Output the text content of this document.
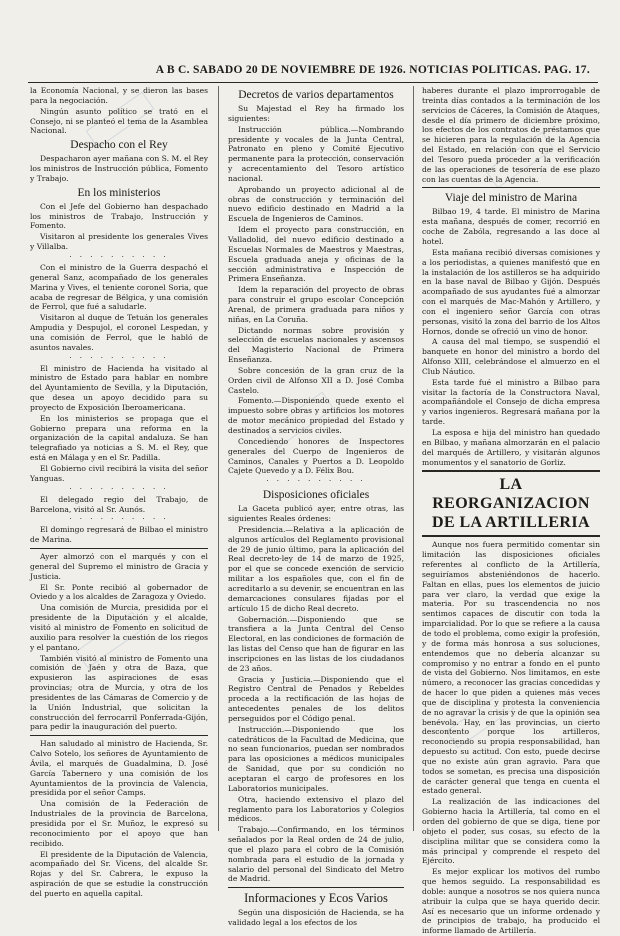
A B C. SABADO 20 DE NOVIEMBRE DE 1926. NOTICIAS POLITICAS. PAG. 17.

la Economía Nacional, y se dieron las bases para la negociación.

Ningún asunto político se trató en el Consejo, ni se planteó el tema de la Asamblea Nacional.

Despacho con el Rey

Despacharon ayer mañana con S. M. el Rey los ministros de Instrucción pública, Fomento y Trabajo.

En los ministerios

Con el Jefe del Gobierno han despachado los ministros de Trabajo, Instrucción y Fomento.

Visitaron al presidente los generales Vives y Villalba.

· · · · · · · · · ·

Con el ministro de la Guerra despachó el general Sanz, acompañado de los generales Marina y Vives, el teniente coronel Soria, que acaba de regresar de Bélgica, y una comisión de Ferrol, que fué a saludarle.

Visitaron al duque de Tetuán los generales Ampudia y Despujol, el coronel Lespedan, y una comisión de Ferrol, que le habló de asuntos navales.

· · · · · · · · · ·

El ministro de Hacienda ha visitado al ministro de Estado para hablar en nombre del Ayuntamiento de Sevilla, y la Diputación, que desea un apoyo decidido para su proyecto de Exposición Iberoamericana.

En los ministerios se propaga que el Gobierno prepara una reforma en la organización de la capital andaluza. Se han telegrafiado ya noticias a S. M. el Rey, que está en Málaga y en el Sr. Padilla.

El Gobierno civil recibirá la visita del señor Yanguas.

· · · · · · · · · ·

El delegado regio del Trabajo, de Barcelona, visitó al Sr. Aunós.

· · · · · · · · · ·

El domingo regresará de Bilbao el ministro de Marina.

Ayer almorzó con el marqués y con el general del Supremo el ministro de Gracia y Justicia.

El Sr. Ponte recibió al gobernador de Oviedo y a los alcaldes de Zaragoza y Oviedo.

Una comisión de Murcia, presidida por el presidente de la Diputación y el alcalde, visitó al ministro de Fomento en solicitud de auxilio para resolver la cuestión de los riegos y el pantano.

También visitó al ministro de Fomento una comisión de Jaén y otra de Baza, que expusieron las aspiraciones de esas provincias; otra de Murcia, y otra de los presidentes de las Cámaras de Comercio y de la Unión Industrial, que solicitan la construcción del ferrocarril Ponferrada-Gijón, para pedir la inauguración del puerto.

Han saludado al ministro de Hacienda, Sr. Calvo Sotelo, los señores de Ayuntamiento de Ávila, el marqués de Guadalmina, D. José García Tabernero y una comisión de los Ayuntamientos de la provincia de Valencia, presidida por el señor Camps.

Una comisión de la Federación de Industriales de la provincia de Barcelona, presidida por el Sr. Muñoz, le expresó su reconocimiento por el apoyo que han recibido.

El presidente de la Diputación de Valencia, acompañado del Sr. Vicens, del alcalde Sr. Rojas y del Sr. Cabrera, le expuso la aspiración de que se estudie la construcción del puerto en aquella capital.

Decretos de varios departamentos

Su Majestad el Rey ha firmado los siguientes:

Instrucción pública.—Nombrando presidente y vocales de la Junta Central, Patronato en pleno y Comité Ejecutivo permanente para la protección, conservación y acrecentamiento del Tesoro artístico nacional.

Aprobando un proyecto adicional al de obras de construcción y terminación del nuevo edificio destinado en Madrid a la Escuela de Ingenieros de Caminos.

Idem el proyecto para construcción, en Valladolid, del nuevo edificio destinado a Escuelas Normales de Maestros y Maestras, Escuela graduada aneja y oficinas de la sección administrativa e Inspección de Primera Enseñanza.

Idem la reparación del proyecto de obras para construir el grupo escolar Concepción Arenal, de primera graduada para niños y niñas, en La Coruña.

Dictando normas sobre provisión y selección de escuelas nacionales y ascensos del Magisterio Nacional de Primera Enseñanza.

Sobre concesión de la gran cruz de la Orden civil de Alfonso XII a D. José Comba Castelo.

Fomento.—Disponiendo quede exento el impuesto sobre obras y artificios los motores de motor mecánico propiedad del Estado y destinados a servicios civiles.

Concediendo honores de Inspectores generales del Cuerpo de Ingenieros de Caminos, Canales y Puertos a D. Leopoldo Cajete Quevedo y a D. Félix Bou.

· · · · · · · · · ·
Disposiciones oficiales

La Gaceta publicó ayer, entre otras, las siguientes Reales órdenes:

Presidencia.—Relativa a la aplicación de algunos artículos del Reglamento provisional de 29 de junio último, para la aplicación del Real decreto-ley de 14 de marzo de 1925, por el que se concede exención de servicio militar a los españoles que, con el fin de acreditarlo a su devenir, se encuentran en las demarcaciones consulares fijadas por el artículo 15 de dicho Real decreto.

Gobernación.—Disponiendo que se transfiera a la Junta Central del Censo Electoral, en las condiciones de formación de las listas del Censo que han de figurar en las inscripciones en las listas de los ciudadanos de 23 años.

Gracia y Justicia.—Disponiendo que el Registro Central de Penados y Rebeldes proceda a la rectificación de las hojas de antecedentes penales de los delitos perseguidos por el Código penal.

Instrucción.—Disponiendo que los catedráticos de la Facultad de Medicina, que no sean funcionarios, puedan ser nombrados para las oposiciones a médicos municipales de Sanidad, que por su condición no aceptaran el cargo de profesores en los Laboratorios municipales.

Otra, haciendo extensivo el plazo del reglamento para los Laboratorios y Colegios médicos.

Trabajo.—Confirmando, en los términos señalados por la Real orden de 24 de julio, que el plazo para el cobro de la Comisión nombrada para el estudio de la jornada y salario del personal del Sindicato del Metro de Madrid.

Informaciones y Ecos Varios

Según una disposición de Hacienda, se ha validado legal a los efectos de los

haberes durante el plazo improrrogable de treinta días contados a la terminación de los servicios de Cáceres, la Comisión de Ataques, desde el día primero de diciembre próximo, los efectos de los contratos de préstamos que se hicieren para la regulación de la Agencia del Estado, en relación con que el Servicio del Tesoro pueda proceder a la verificación de las operaciones de tesorería de ese plazo con las cuentas de la Agencia.

Viaje del ministro de Marina

Bilbao 19, 4 tarde. El ministro de Marina esta mañana, después de comer, recorrió en coche de Zabóla, regresando a las doce al hotel.

Esta mañana recibió diversas comisiones y a los periodistas, a quienes manifestó que en la instalación de los astilleros se ha adquirido en la base naval de Bilbao y Gijón. Después acompañado de sus ayudantes fué a almorzar con el marqués de Mac-Mahón y Artillero, y con el ingeniero señor García con otras personas, visitó la zona del barrio de los Altos Hornos, donde se ofreció un vino de honor.

A causa del mal tiempo, se suspendió el banquete en honor del ministro a bordo del Alfonso XIII, celebrándose el almuerzo en el Club Náutico.

Esta tarde fué el ministro a Bilbao para visitar la factoría de la Constructora Naval, acompañándole el Consejo de dicha empresa y varios ingenieros. Regresará mañana por la tarde.

La esposa e hija del ministro han quedado en Bilbao, y mañana almorzarán en el palacio del marqués de Artillero, y visitarán algunos monumentos y el sanatorio de Gorliz.

LA REORGANIZACION
DE LA ARTILLERIA

Aunque nos fuera permitido comentar sin limitación las disposiciones oficiales referentes al conflicto de la Artillería, seguiríamos absteniéndonos de hacerlo. Faltan en ellas, pues los elementos de juicio para ver claro, la verdad que exige la materia. Por su trascendencia no nos sentimos capaces de discutir con toda la imparcialidad. Por lo que se refiere a la causa de todo el problema, como exigir la profesión, y de forma más honrosa a sus soluciones, entendemos que no debería alcanzar su compromiso y no entrar a fondo en el punto de vista del Gobierno. Nos limitamos, en este número, a reconocer las gracias concedidas y de hacer lo que piden a quienes más veces que de disciplina y protesta la conveniencia de no agravar la crisis y de que la opinión sea benévola. Hay, en las provincias, un cierto descontento porque los artilleros, reconociendo su propia responsabilidad, han depuesto su actitud. Con esto, puede decirse que no existe aún gran agravio. Para que todos se sometan, es precisa una disposición de carácter general que tenga en cuenta el estado general.

La realización de las indicaciones del Gobierno hacia la Artillería, tal como en el orden del gobierno de que se diga, tiene por objeto el poder, sus cosas, su efecto de la disciplina militar que se considera como la más principal y comprende el respeto del Ejército.

Es mejor explicar los motivos del rumbo que hemos seguido. La responsabilidad es doble: aunque a nosotros se nos quiera nunca atribuir la culpa que se haya querido decir. Así es necesario que un informe ordenado y de principios de trabajo, ha producido el informe llamado de Artillería.
